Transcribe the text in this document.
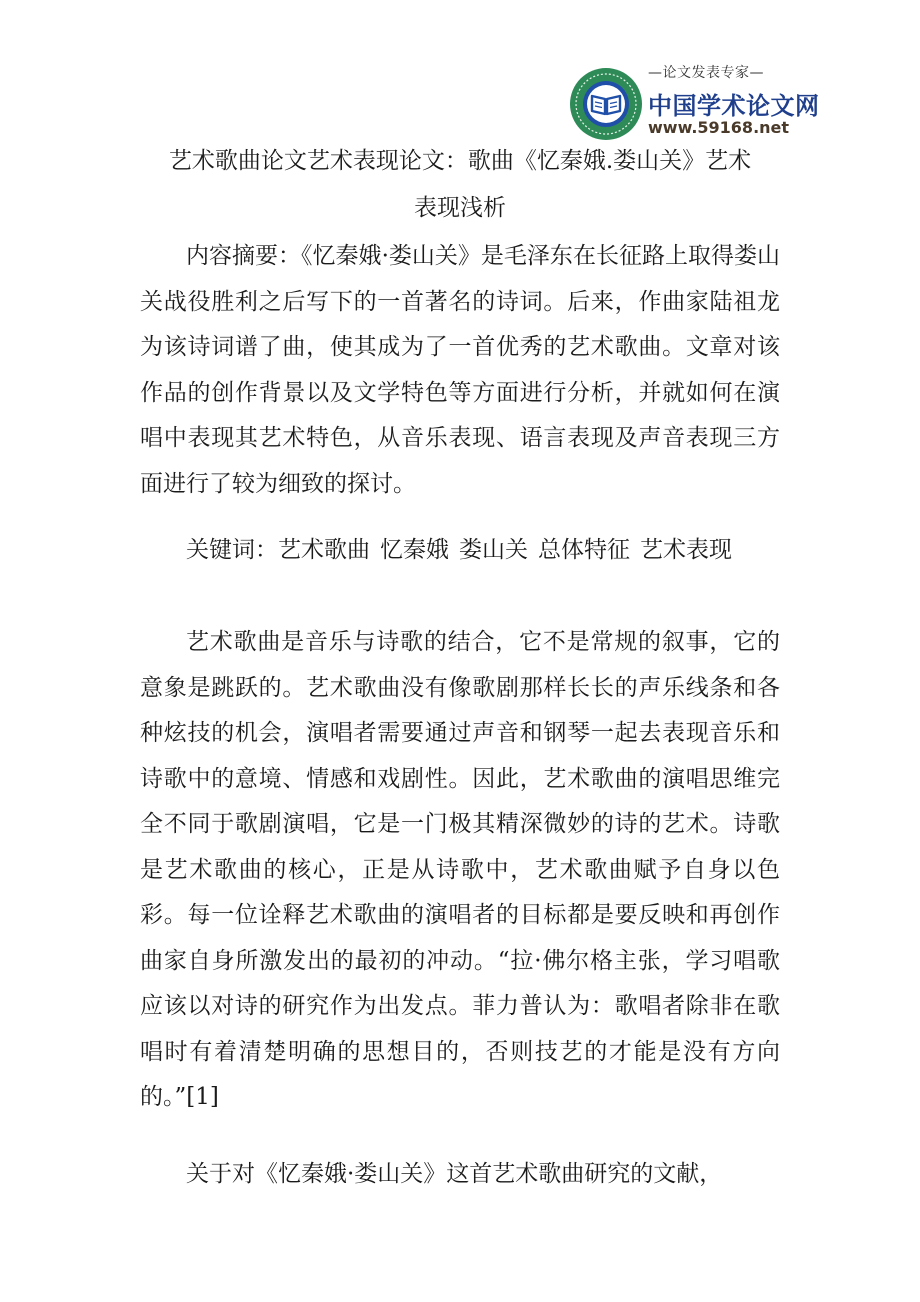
—论文发表专家—
中国学术论文网
www.59168.net
艺术歌曲论文艺术表现论文：歌曲《忆秦娥.娄山关》艺术
表现浅析

内容摘要：《忆秦娥·娄山关》是毛泽东在长征路上取得娄山关战役胜利之后写下的一首著名的诗词。后来，作曲家陆祖龙为该诗词谱了曲，使其成为了一首优秀的艺术歌曲。文章对该作品的创作背景以及文学特色等方面进行分析，并就如何在演唱中表现其艺术特色，从音乐表现、语言表现及声音表现三方面进行了较为细致的探讨。

关键词：艺术歌曲 忆秦娥 娄山关 总体特征 艺术表现

艺术歌曲是音乐与诗歌的结合，它不是常规的叙事，它的意象是跳跃的。艺术歌曲没有像歌剧那样长长的声乐线条和各种炫技的机会，演唱者需要通过声音和钢琴一起去表现音乐和诗歌中的意境、情感和戏剧性。因此，艺术歌曲的演唱思维完全不同于歌剧演唱，它是一门极其精深微妙的诗的艺术。诗歌是艺术歌曲的核心，正是从诗歌中，艺术歌曲赋予自身以色彩。每一位诠释艺术歌曲的演唱者的目标都是要反映和再创作曲家自身所激发出的最初的冲动。“拉·佛尔格主张，学习唱歌应该以对诗的研究作为出发点。菲力普认为：歌唱者除非在歌唱时有着清楚明确的思想目的，否则技艺的才能是没有方向的。”[1]

关于对《忆秦娥·娄山关》这首艺术歌曲研究的文献，
